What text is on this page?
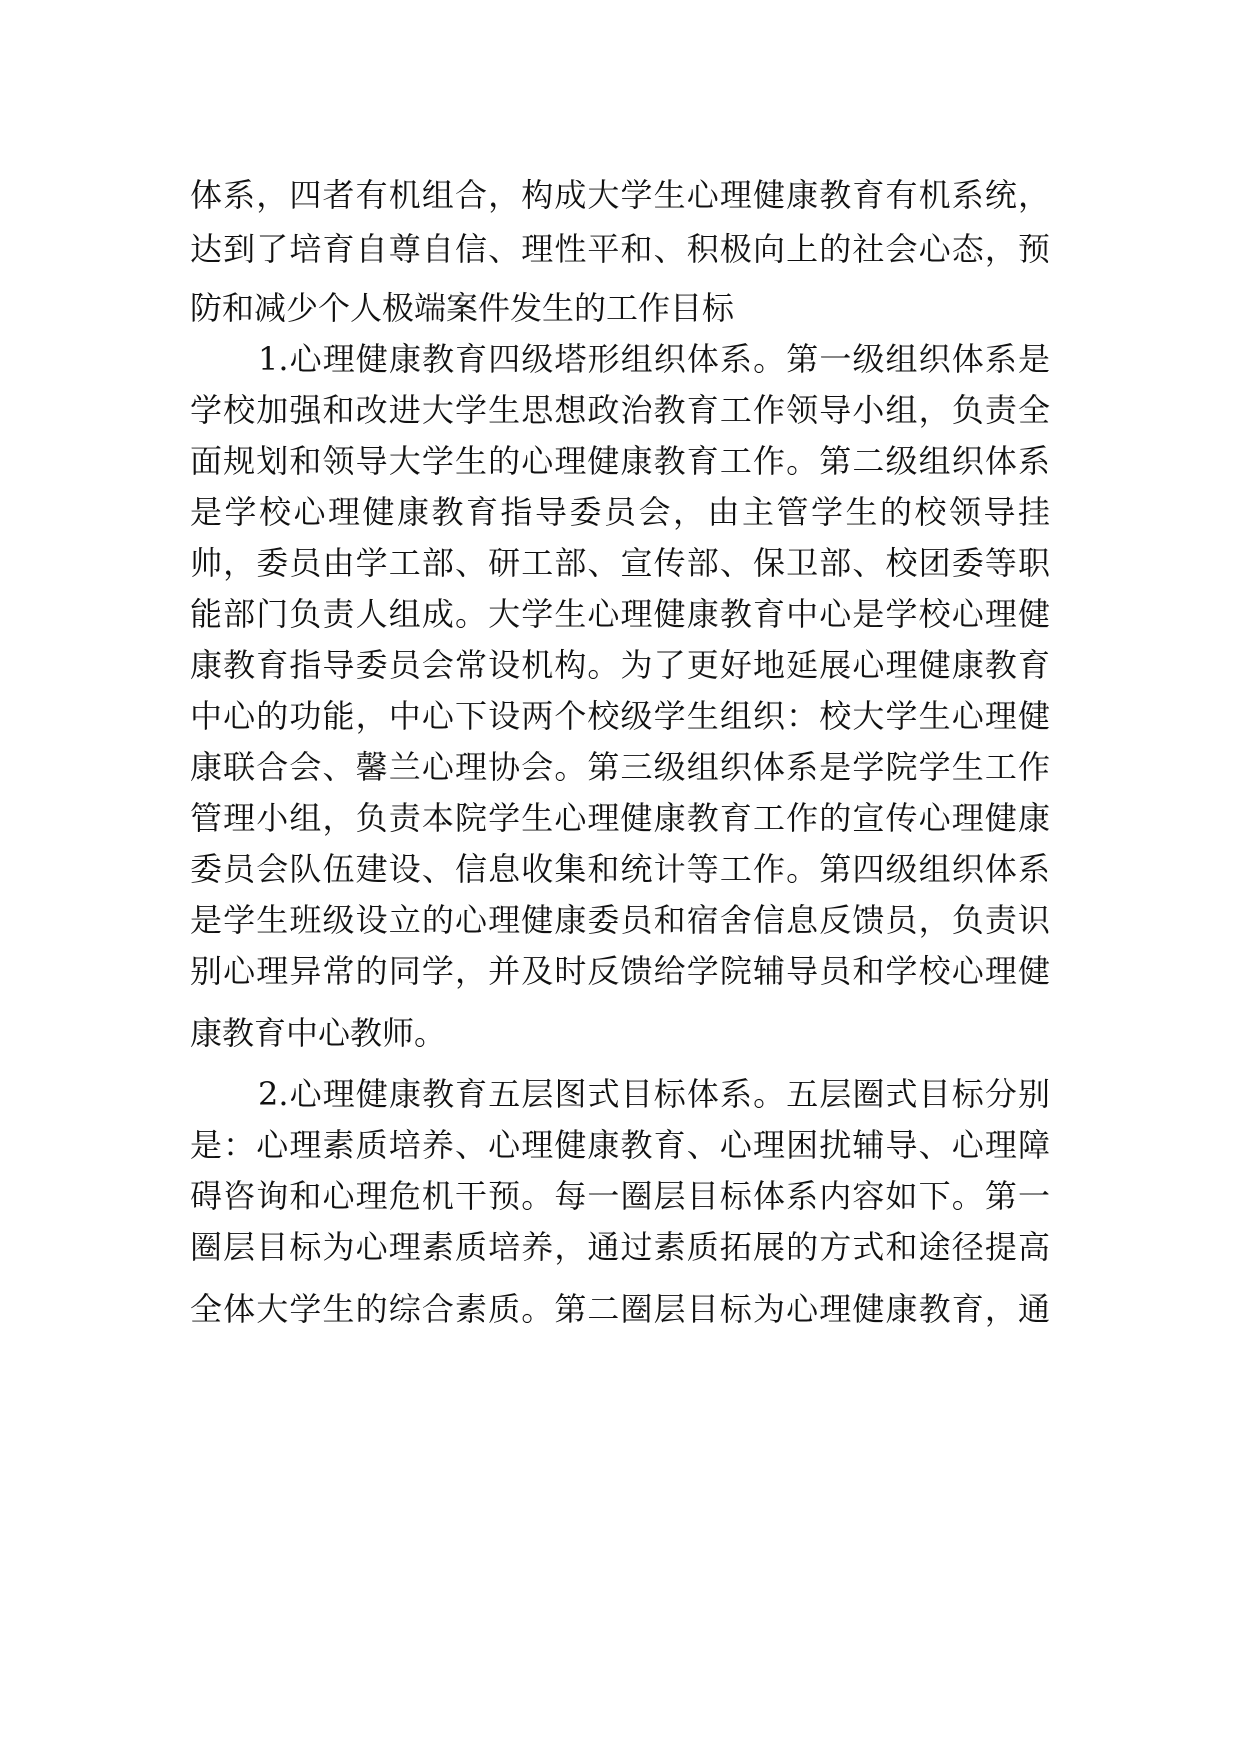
体系，四者有机组合，构成大学生心理健康教育有机系统，
达到了培育自尊自信、理性平和、积极向上的社会心态，预
防和减少个人极端案件发生的工作目标
1.心理健康教育四级塔形组织体系。第一级组织体系是
学校加强和改进大学生思想政治教育工作领导小组，负责全
面规划和领导大学生的心理健康教育工作。第二级组织体系
是学校心理健康教育指导委员会，由主管学生的校领导挂
帅，委员由学工部、研工部、宣传部、保卫部、校团委等职
能部门负责人组成。大学生心理健康教育中心是学校心理健
康教育指导委员会常设机构。为了更好地延展心理健康教育
中心的功能，中心下设两个校级学生组织：校大学生心理健
康联合会、馨兰心理协会。第三级组织体系是学院学生工作
管理小组，负责本院学生心理健康教育工作的宣传心理健康
委员会队伍建设、信息收集和统计等工作。第四级组织体系
是学生班级设立的心理健康委员和宿舍信息反馈员，负责识
别心理异常的同学，并及时反馈给学院辅导员和学校心理健
康教育中心教师。
2.心理健康教育五层图式目标体系。五层圈式目标分别
是：心理素质培养、心理健康教育、心理困扰辅导、心理障
碍咨询和心理危机干预。每一圈层目标体系内容如下。第一
圈层目标为心理素质培养，通过素质拓展的方式和途径提高
全体大学生的综合素质。第二圈层目标为心理健康教育，通
